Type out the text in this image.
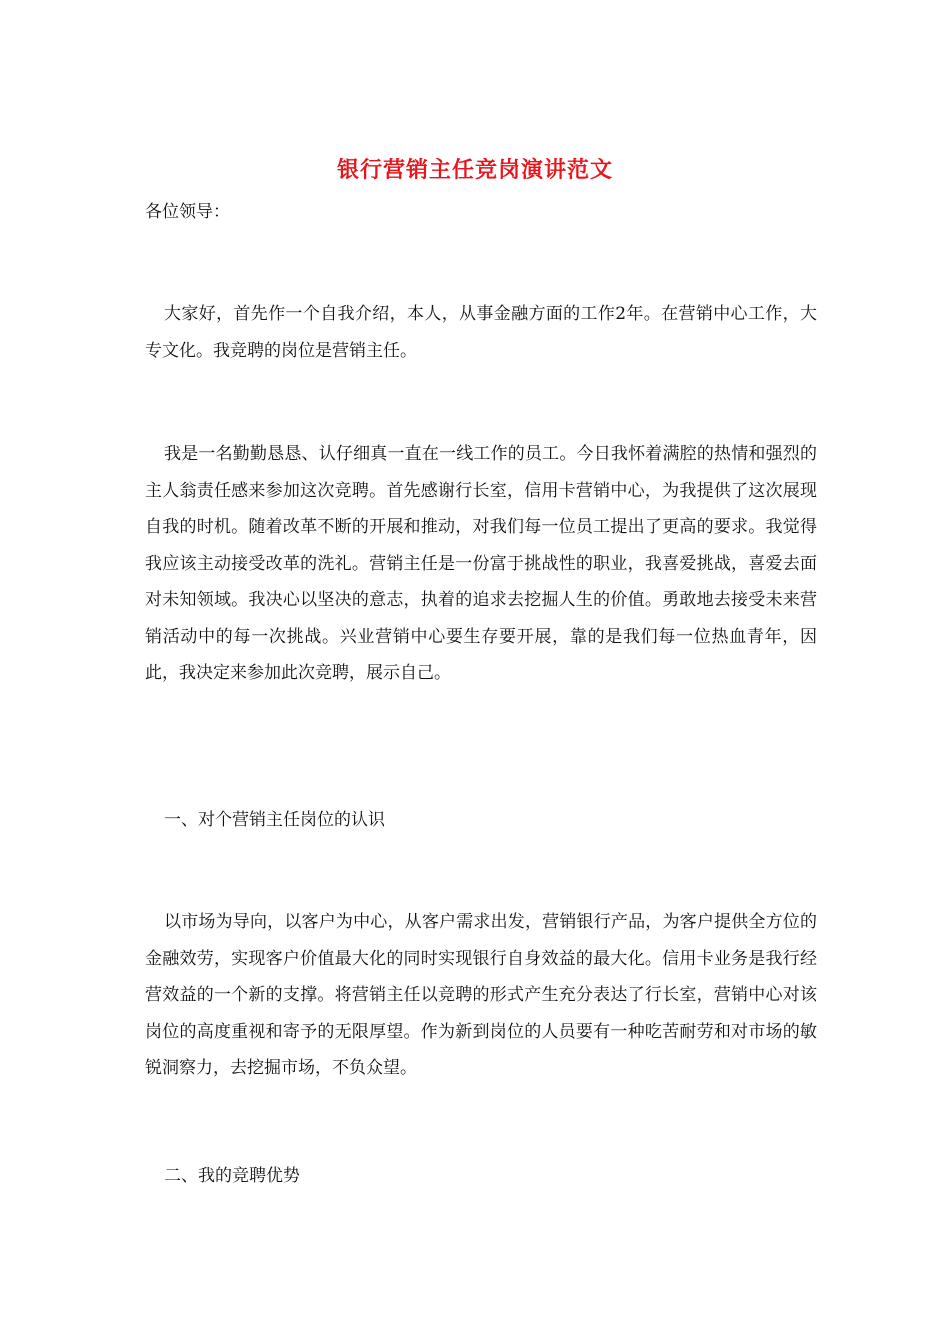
银行营销主任竞岗演讲范文
各位领导：
大家好，首先作一个自我介绍，本人，从事金融方面的工作2年。在营销中心工作，大专文化。我竞聘的岗位是营销主任。
我是一名勤勤恳恳、认仔细真一直在一线工作的员工。今日我怀着满腔的热情和强烈的主人翁责任感来参加这次竞聘。首先感谢行长室，信用卡营销中心，为我提供了这次展现自我的时机。随着改革不断的开展和推动，对我们每一位员工提出了更高的要求。我觉得我应该主动接受改革的洗礼。营销主任是一份富于挑战性的职业，我喜爱挑战，喜爱去面对未知领域。我决心以坚决的意志，执着的追求去挖掘人生的价值。勇敢地去接受未来营销活动中的每一次挑战。兴业营销中心要生存要开展，靠的是我们每一位热血青年，因此，我决定来参加此次竞聘，展示自己。
一、对个营销主任岗位的认识
以市场为导向，以客户为中心，从客户需求出发，营销银行产品，为客户提供全方位的金融效劳，实现客户价值最大化的同时实现银行自身效益的最大化。信用卡业务是我行经营效益的一个新的支撑。将营销主任以竞聘的形式产生充分表达了行长室，营销中心对该岗位的高度重视和寄予的无限厚望。作为新到岗位的人员要有一种吃苦耐劳和对市场的敏锐洞察力，去挖掘市场，不负众望。
二、我的竞聘优势
